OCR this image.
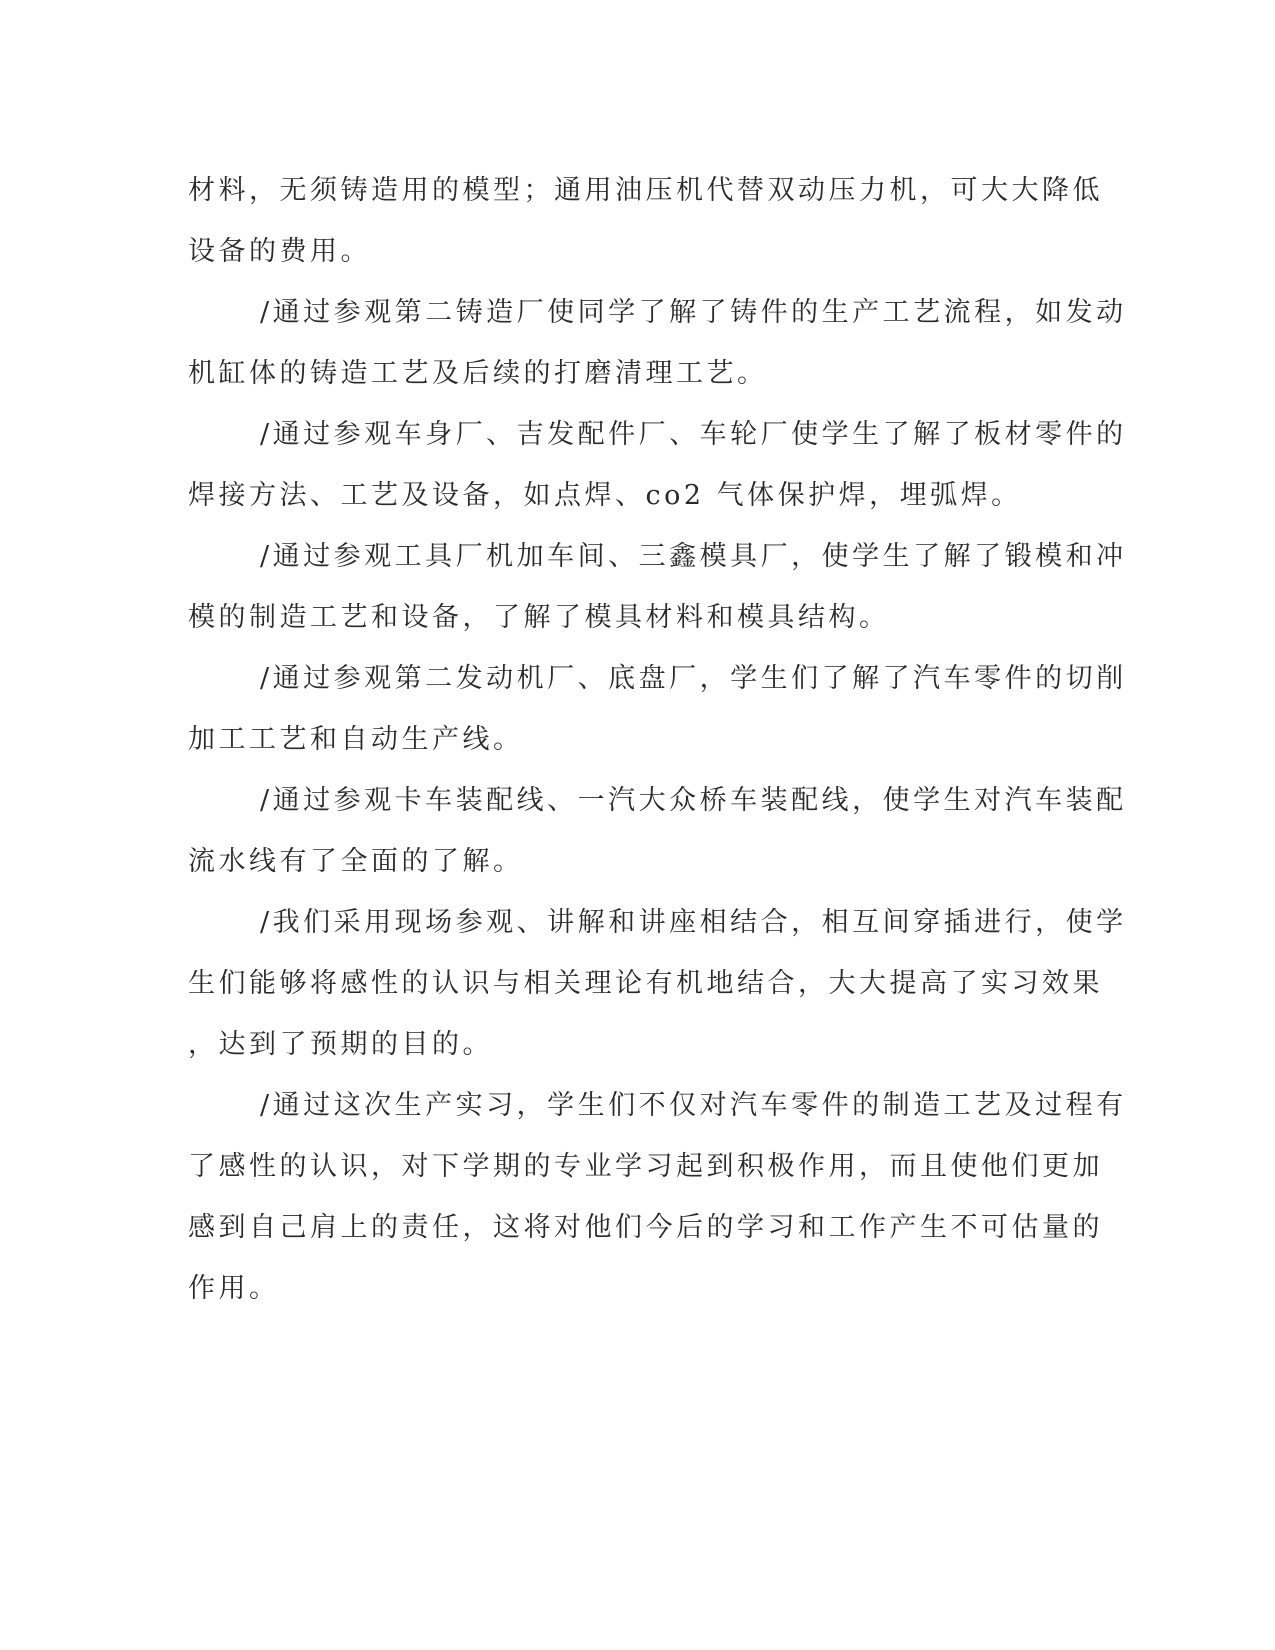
材料，无须铸造用的模型；通用油压机代替双动压力机，可大大降低
设备的费用。

/通过参观第二铸造厂使同学了解了铸件的生产工艺流程，如发动
机缸体的铸造工艺及后续的打磨清理工艺。

/通过参观车身厂、吉发配件厂、车轮厂使学生了解了板材零件的
焊接方法、工艺及设备，如点焊、co2 气体保护焊，埋弧焊。

/通过参观工具厂机加车间、三鑫模具厂，使学生了解了锻模和冲
模的制造工艺和设备，了解了模具材料和模具结构。

/通过参观第二发动机厂、底盘厂，学生们了解了汽车零件的切削
加工工艺和自动生产线。

/通过参观卡车装配线、一汽大众桥车装配线，使学生对汽车装配
流水线有了全面的了解。

/我们采用现场参观、讲解和讲座相结合，相互间穿插进行，使学
生们能够将感性的认识与相关理论有机地结合，大大提高了实习效果
，达到了预期的目的。

/通过这次生产实习，学生们不仅对汽车零件的制造工艺及过程有
了感性的认识，对下学期的专业学习起到积极作用，而且使他们更加
感到自己肩上的责任，这将对他们今后的学习和工作产生不可估量的
作用。
